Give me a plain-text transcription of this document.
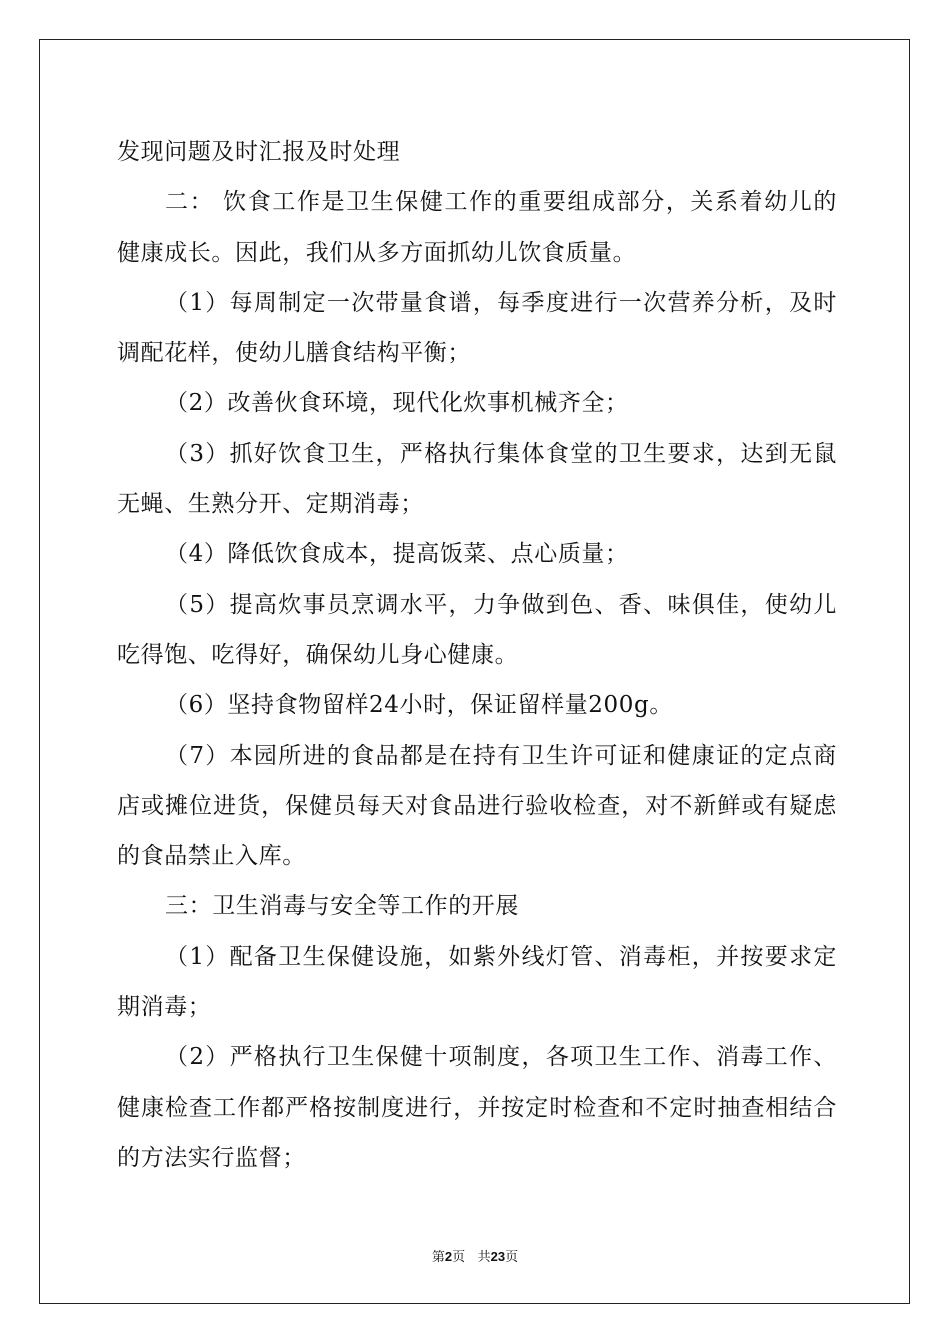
发现问题及时汇报及时处理
二： 饮食工作是卫生保健工作的重要组成部分，关系着幼儿的
健康成长。因此，我们从多方面抓幼儿饮食质量。
（1）每周制定一次带量食谱，每季度进行一次营养分析，及时
调配花样，使幼儿膳食结构平衡；
（2）改善伙食环境，现代化炊事机械齐全；
（3）抓好饮食卫生，严格执行集体食堂的卫生要求，达到无鼠
无蝇、生熟分开、定期消毒；
（4）降低饮食成本，提高饭菜、点心质量；
（5）提高炊事员烹调水平，力争做到色、香、味俱佳，使幼儿
吃得饱、吃得好，确保幼儿身心健康。
（6）坚持食物留样24小时，保证留样量200g。
（7）本园所进的食品都是在持有卫生许可证和健康证的定点商
店或摊位进货，保健员每天对食品进行验收检查，对不新鲜或有疑虑
的食品禁止入库。
三：卫生消毒与安全等工作的开展
（1）配备卫生保健设施，如紫外线灯管、消毒柜，并按要求定
期消毒；
（2）严格执行卫生保健十项制度，各项卫生工作、消毒工作、
健康检查工作都严格按制度进行，并按定时检查和不定时抽查相结合
的方法实行监督；
第2页 共23页
